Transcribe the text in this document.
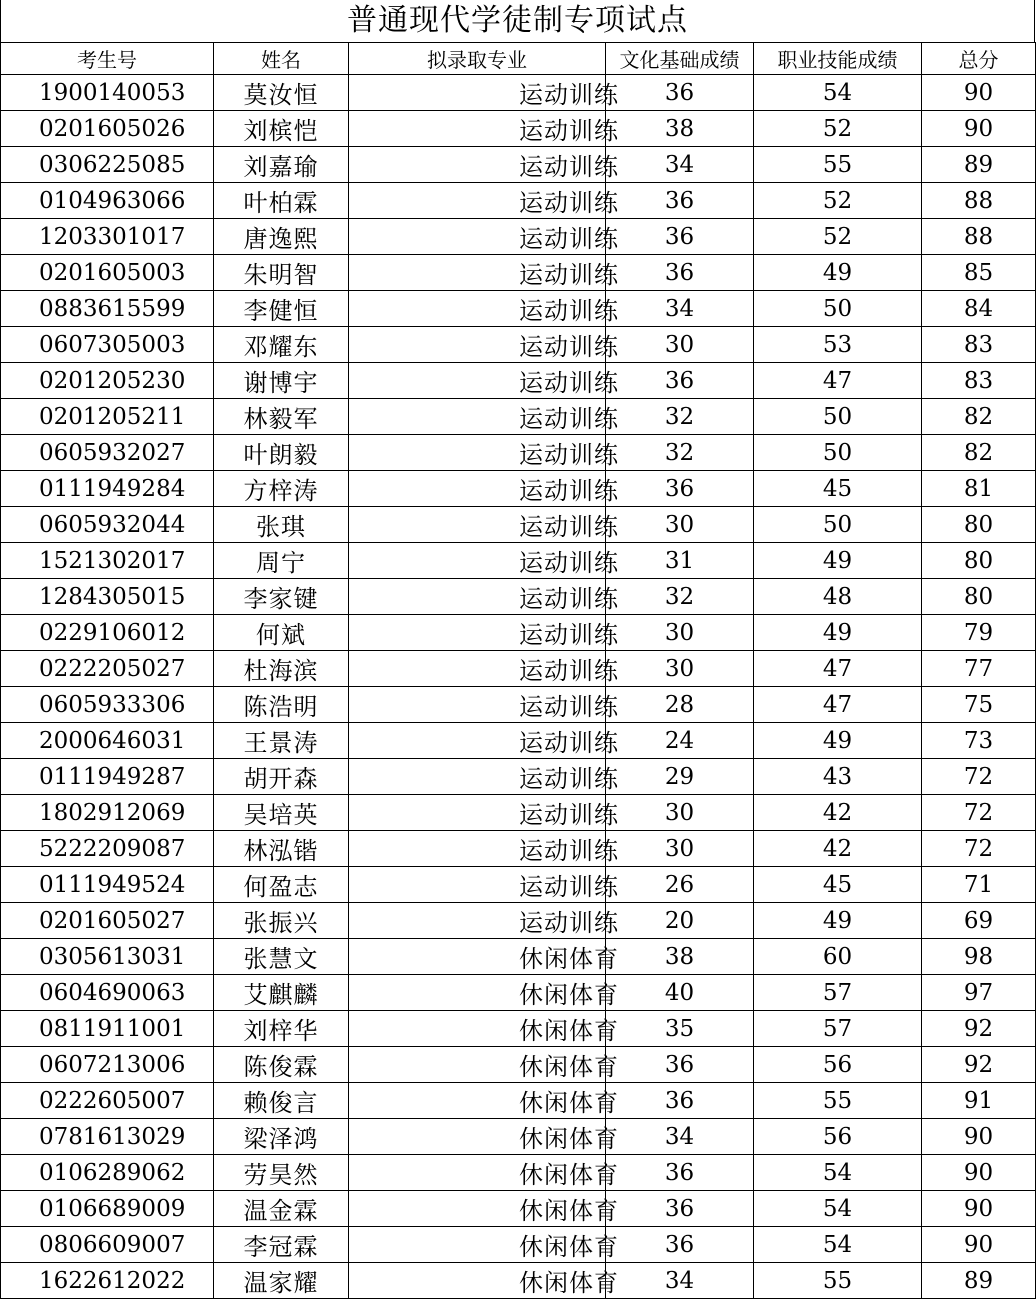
普通现代学徒制专项试点
考生号	姓名	拟录取专业	文化基础成绩	职业技能成绩	总分
1900140053	莫汝恒	运动训练	36	54	90
0201605026	刘槟恺	运动训练	38	52	90
0306225085	刘嘉瑜	运动训练	34	55	89
0104963066	叶柏霖	运动训练	36	52	88
1203301017	唐逸熙	运动训练	36	52	88
0201605003	朱明智	运动训练	36	49	85
0883615599	李健恒	运动训练	34	50	84
0607305003	邓耀东	运动训练	30	53	83
0201205230	谢博宇	运动训练	36	47	83
0201205211	林毅军	运动训练	32	50	82
0605932027	叶朗毅	运动训练	32	50	82
0111949284	方梓涛	运动训练	36	45	81
0605932044	张琪	运动训练	30	50	80
1521302017	周宁	运动训练	31	49	80
1284305015	李家键	运动训练	32	48	80
0229106012	何斌	运动训练	30	49	79
0222205027	杜海滨	运动训练	30	47	77
0605933306	陈浩明	运动训练	28	47	75
2000646031	王景涛	运动训练	24	49	73
0111949287	胡开森	运动训练	29	43	72
1802912069	吴培英	运动训练	30	42	72
5222209087	林泓锴	运动训练	30	42	72
0111949524	何盈志	运动训练	26	45	71
0201605027	张振兴	运动训练	20	49	69
0305613031	张慧文	休闲体育	38	60	98
0604690063	艾麒麟	休闲体育	40	57	97
0811911001	刘梓华	休闲体育	35	57	92
0607213006	陈俊霖	休闲体育	36	56	92
0222605007	赖俊言	休闲体育	36	55	91
0781613029	梁泽鸿	休闲体育	34	56	90
0106289062	劳昊然	休闲体育	36	54	90
0106689009	温金霖	休闲体育	36	54	90
0806609007	李冠霖	休闲体育	36	54	90
1622612022	温家耀	休闲体育	34	55	89
